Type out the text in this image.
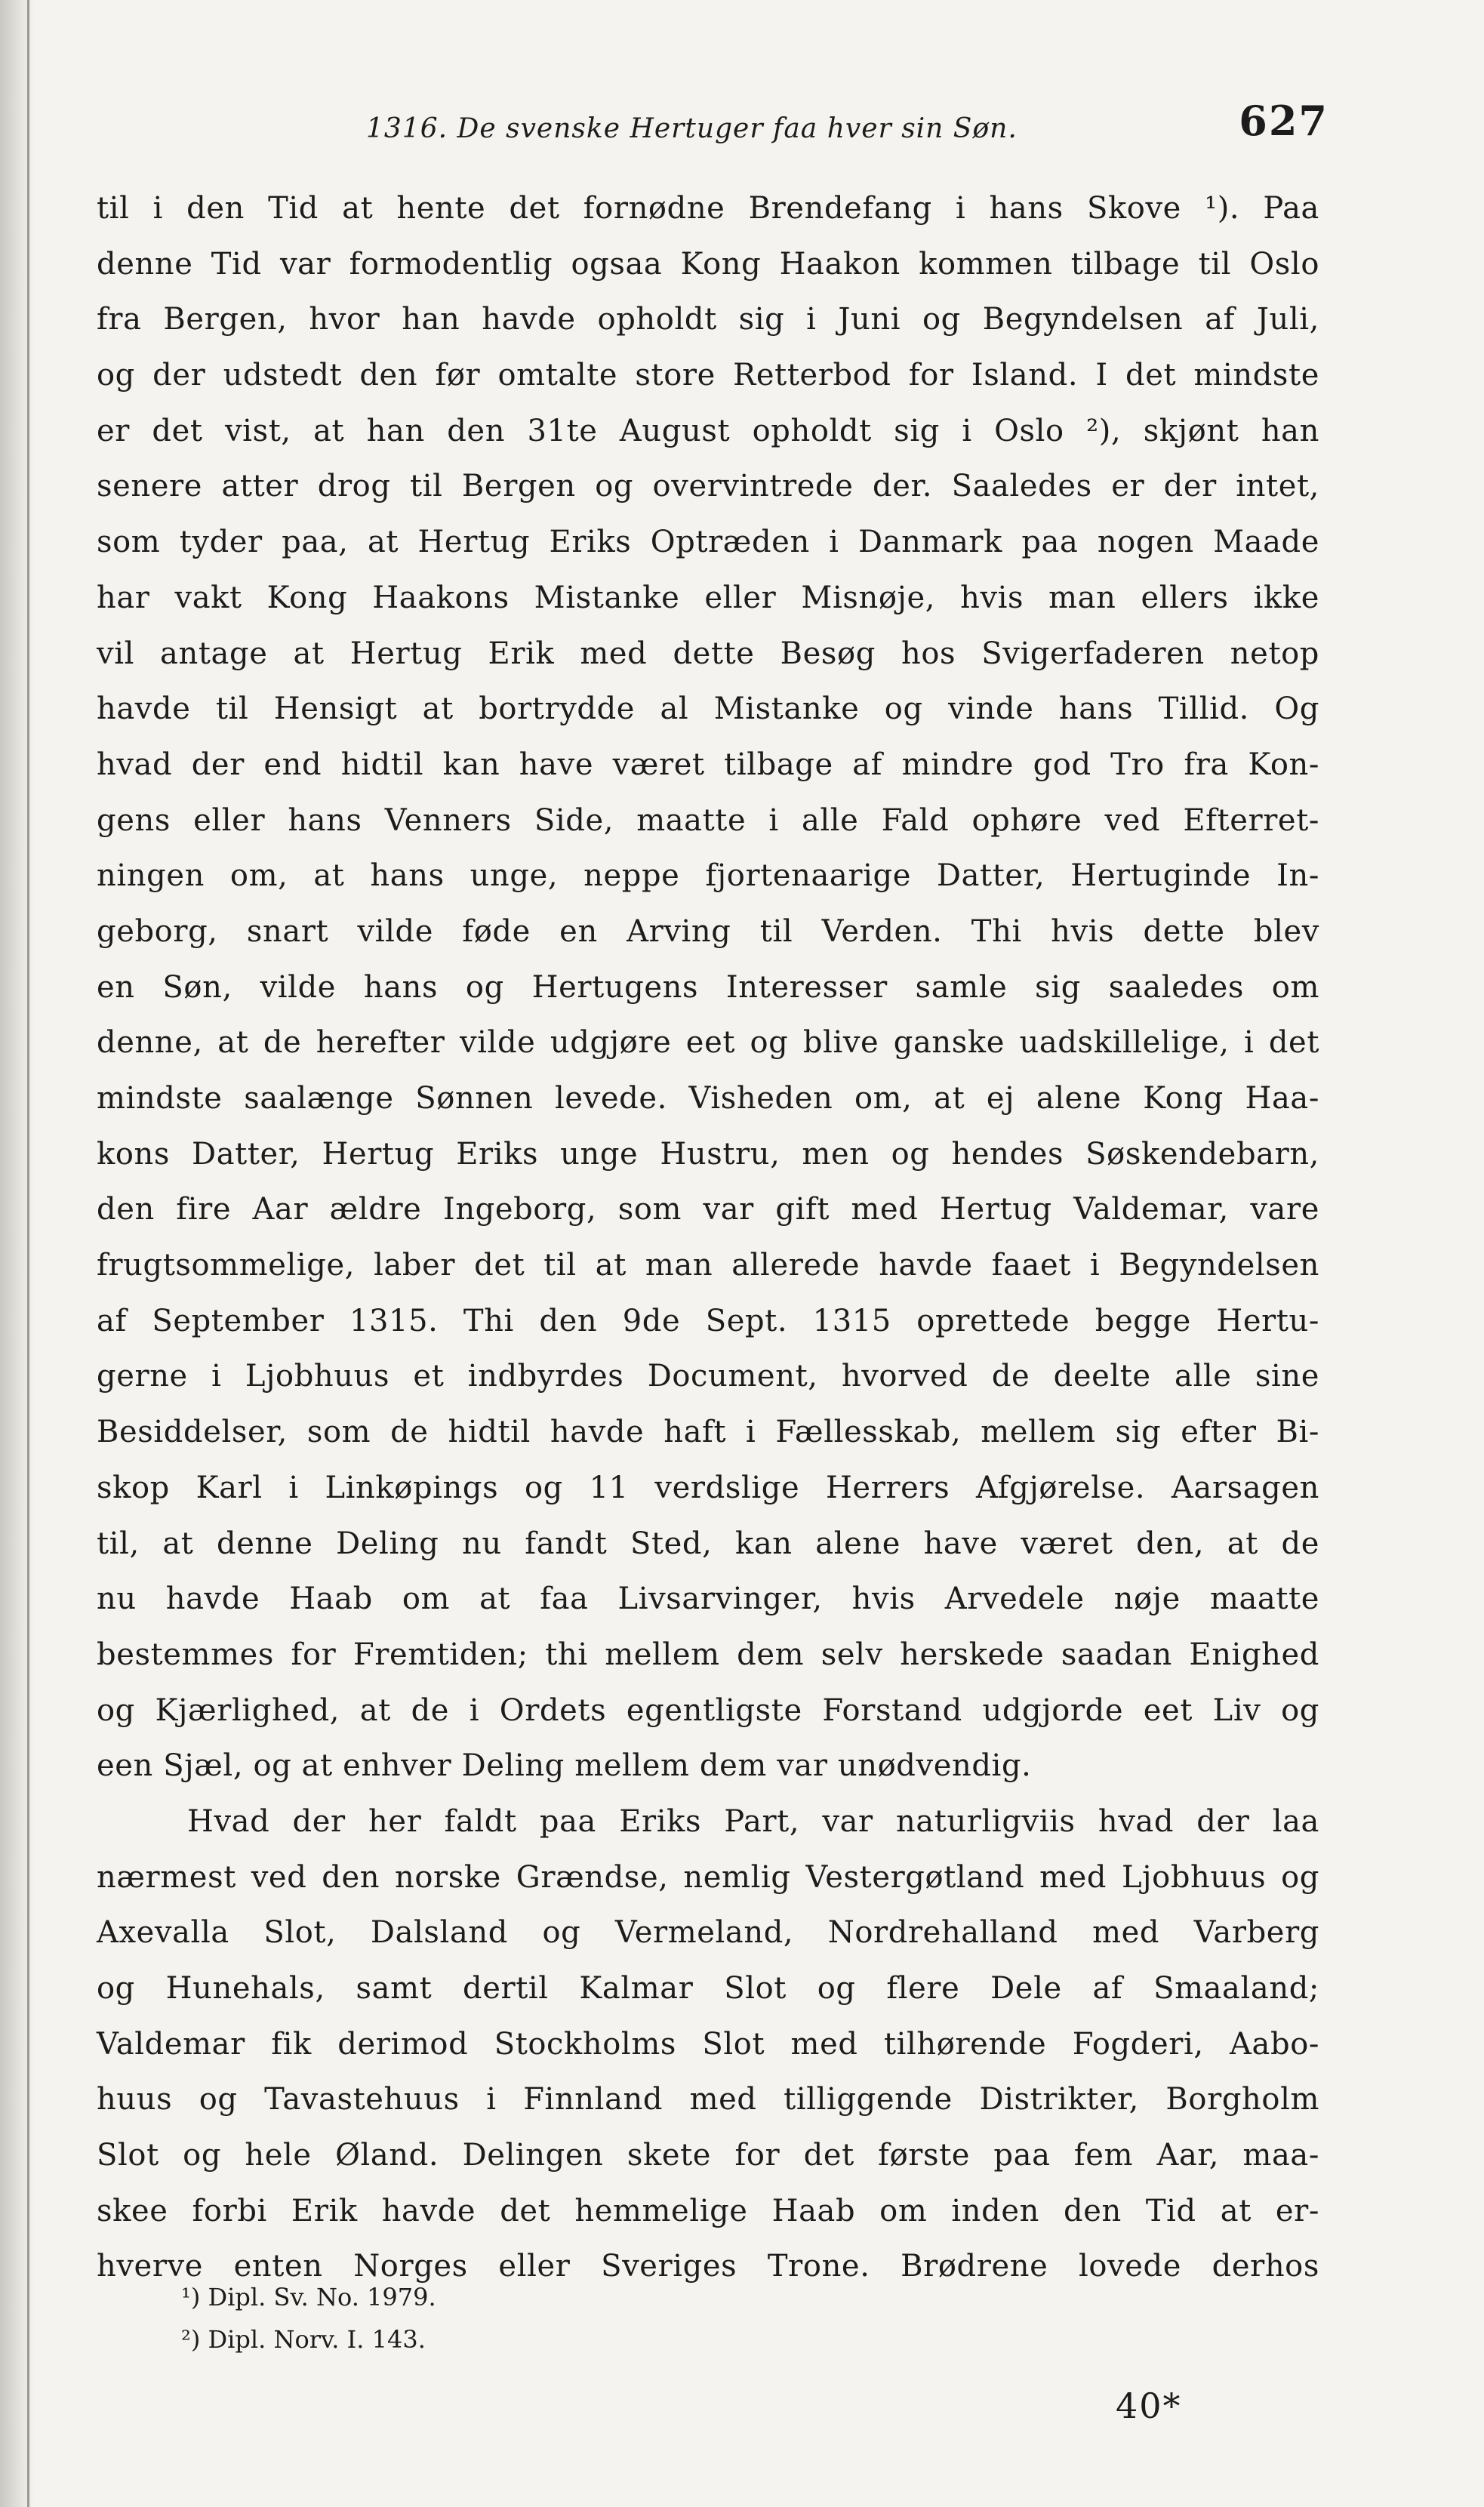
1316. De svenske Hertuger faa hver sin Søn.	627
til i den Tid at hente det fornødne Brendefang i hans Skove ¹). Paa
denne Tid var formodentlig ogsaa Kong Haakon kommen tilbage til Oslo
fra Bergen, hvor han havde opholdt sig i Juni og Begyndelsen af Juli,
og der udstedt den før omtalte store Retterbod for Island. I det mindste
er det vist, at han den 31te August opholdt sig i Oslo ²), skjønt han
senere atter drog til Bergen og overvintrede der. Saaledes er der intet,
som tyder paa, at Hertug Eriks Optræden i Danmark paa nogen Maade
har vakt Kong Haakons Mistanke eller Misnøje, hvis man ellers ikke
vil antage at Hertug Erik med dette Besøg hos Svigerfaderen netop
havde til Hensigt at bortrydde al Mistanke og vinde hans Tillid. Og
hvad der end hidtil kan have været tilbage af mindre god Tro fra Kon-
gens eller hans Venners Side, maatte i alle Fald ophøre ved Efterret-
ningen om, at hans unge, neppe fjortenaarige Datter, Hertuginde In-
geborg, snart vilde føde en Arving til Verden. Thi hvis dette blev
en Søn, vilde hans og Hertugens Interesser samle sig saaledes om
denne, at de herefter vilde udgjøre eet og blive ganske uadskillelige, i det
mindste saalænge Sønnen levede. Visheden om, at ej alene Kong Haa-
kons Datter, Hertug Eriks unge Hustru, men og hendes Søskendebarn,
den fire Aar ældre Ingeborg, som var gift med Hertug Valdemar, vare
frugtsommelige, laber det til at man allerede havde faaet i Begyndelsen
af September 1315. Thi den 9de Sept. 1315 oprettede begge Hertu-
gerne i Ljobhuus et indbyrdes Document, hvorved de deelte alle sine
Besiddelser, som de hidtil havde haft i Fællesskab, mellem sig efter Bi-
skop Karl i Linkøpings og 11 verdslige Herrers Afgjørelse. Aarsagen
til, at denne Deling nu fandt Sted, kan alene have været den, at de
nu havde Haab om at faa Livsarvinger, hvis Arvedele nøje maatte
bestemmes for Fremtiden; thi mellem dem selv herskede saadan Enighed
og Kjærlighed, at de i Ordets egentligste Forstand udgjorde eet Liv og
een Sjæl, og at enhver Deling mellem dem var unødvendig.
Hvad der her faldt paa Eriks Part, var naturligviis hvad der laa
nærmest ved den norske Grændse, nemlig Vestergøtland med Ljobhuus og
Axevalla Slot, Dalsland og Vermeland, Nordrehalland med Varberg
og Hunehals, samt dertil Kalmar Slot og flere Dele af Smaaland;
Valdemar fik derimod Stockholms Slot med tilhørende Fogderi, Aabo-
huus og Tavastehuus i Finnland med tilliggende Distrikter, Borgholm
Slot og hele Øland. Delingen skete for det første paa fem Aar, maa-
skee forbi Erik havde det hemmelige Haab om inden den Tid at er-
hverve enten Norges eller Sveriges Trone. Brødrene lovede derhos
¹) Dipl. Sv. No. 1979.
²) Dipl. Norv. I. 143.
40*
